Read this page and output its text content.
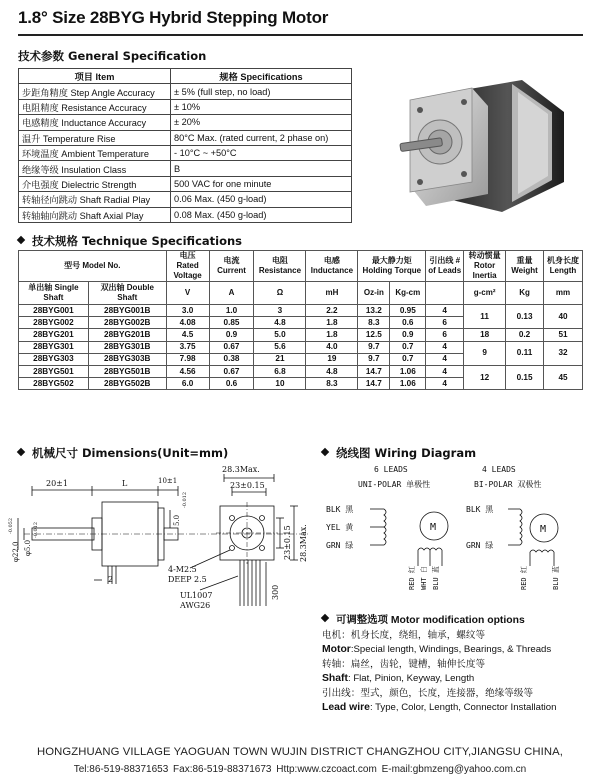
1.8° Size 28BYG Hybrid Stepping Motor
技术参数 General Specification
项目 Item	规格 Specifications
步距角精度 Step Angle Accuracy	± 5% (full step, no load)
电阻精度 Resistance Accuracy	± 10%
电感精度 Inductance Accuracy	± 20%
温升 Temperature Rise	80°C Max. (rated current, 2 phase on)
环境温度 Ambient Temperature	- 10°C ~ +50°C
绝缘等级 Insulation Class	B
介电强度 Dielectric Strength	500 VAC for one minute
转轴径向跳动 Shaft Radial Play	0.06 Max. (450 g-load)
转轴轴向跳动 Shaft Axial Play	0.08 Max. (450 g-load)
技术规格 Technique Specifications
型号 Model No.		电压 Rated Voltage	电流 Current	电阻 Resistance	电感 Inductance	最大静力矩 Holding Torque		引出线 # of Leads	转动惯量 Rotor Inertia	重量 Weight	机身长度 Length
单出轴 Single Shaft	双出轴 Double Shaft	V	A	Ω	mH	Oz-in	Kg-cm		g-cm²	Kg	mm
28BYG001	28BYG001B	3.0	1.0	3	2.2	13.2	0.95	4	11	0.13	40
28BYG002	28BYG002B	4.08	0.85	4.8	1.8	8.3	0.6	6			
28BYG201	28BYG201B	4.5	0.9	5.0	1.8	12.5	0.9	6	18	0.2	51
28BYG301	28BYG301B	3.75	0.67	5.6	4.0	9.7	0.7	4	9	0.11	32
28BYG303	28BYG303B	7.98	0.38	21	19	9.7	0.7	4			
28BYG501	28BYG501B	4.56	0.67	6.8	4.8	14.7	1.06	4	12	0.15	45
28BYG502	28BYG502B	6.0	0.6	10	8.3	14.7	1.06	4			
机械尺寸 Dimensions(Unit=mm)
20±1	L	10±1
φ22.0
-0.052
φ5.0
-0.012
5.0
-0.012
2
28.3Max.
23±0.15
23±0.15 28.3Max.
4-M2.5
DEEP 2.5
UL1007
AWG26
300
绕线图 Wiring Diagram
6 LEADS	4 LEADS
UNI-POLAR 单极性	BI-POLAR 双极性
BLK 黑
YEL 黄
GRN 绿
M
RED 红 WHT 白 BLU 蓝
BLK 黑
GRN 绿
M
RED 红	BLU 蓝
可调整选项 Motor modification options
电机：机身长度，绕组，轴承，螺纹等
Motor:Special length, Windings, Bearings, & Threads
转轴：扁丝，齿轮，键槽，轴伸长度等
Shaft: Flat, Pinion, Keyway, Length
引出线：型式，颜色，长度，连接器，绝缘等级等
Lead wire: Type, Color, Length, Connector Installation
HONGZHUANG VILLAGE YAOGUAN TOWN WUJIN DISTRICT CHANGZHOU CITY,JIANGSU CHINA,
Tel:86-519-88371653 Fax:86-519-88371673 Http:www.czcoact.com E-mail:gbmzeng@yahoo.com.cn
